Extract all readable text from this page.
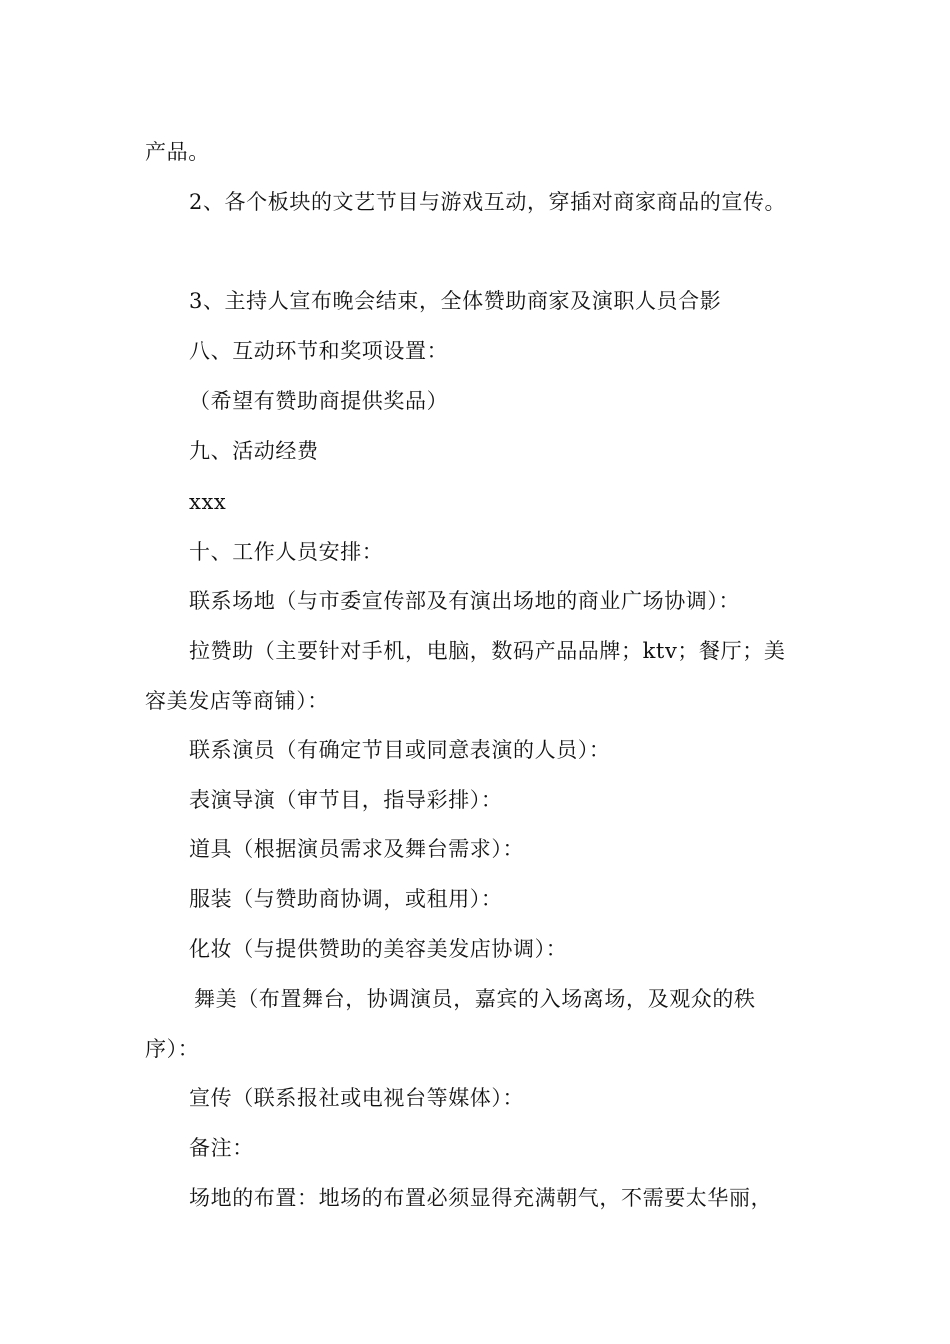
产品。

2、各个板块的文艺节目与游戏互动，穿插对商家商品的宣传。

3、主持人宣布晚会结束，全体赞助商家及演职人员合影

八、互动环节和奖项设置：

（希望有赞助商提供奖品）

九、活动经费

xxx

十、工作人员安排：

联系场地（与市委宣传部及有演出场地的商业广场协调）：

拉赞助（主要针对手机，电脑，数码产品品牌；ktv；餐厅；美

容美发店等商铺）：

联系演员（有确定节目或同意表演的人员）：

表演导演（审节目，指导彩排）：

道具（根据演员需求及舞台需求）：

服装（与赞助商协调，或租用）：

化妆（与提供赞助的美容美发店协调）：

舞美（布置舞台，协调演员，嘉宾的入场离场，及观众的秩

序）：

宣传（联系报社或电视台等媒体）：

备注：

场地的布置：地场的布置必须显得充满朝气，不需要太华丽，
